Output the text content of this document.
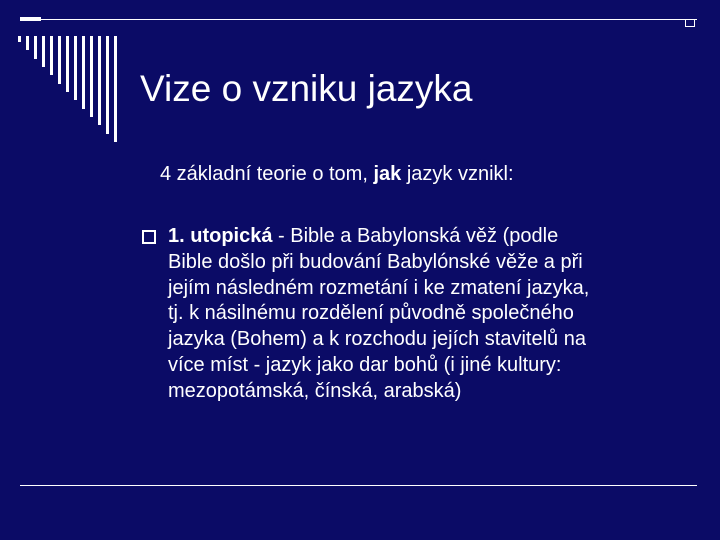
Vize o vzniku jazyka

4 základní teorie o tom, jak jazyk vznikl:

1. utopická - Bible a Babylonská věž (podle
Bible došlo při budování Babylónské věže a při
jejím následném rozmetání i ke zmatení jazyka,
tj. k násilnému rozdělení původně společného
jazyka (Bohem) a k rozchodu jejích stavitelů na
více míst - jazyk jako dar bohů (i jiné kultury:
mezopotámská, čínská, arabská)
